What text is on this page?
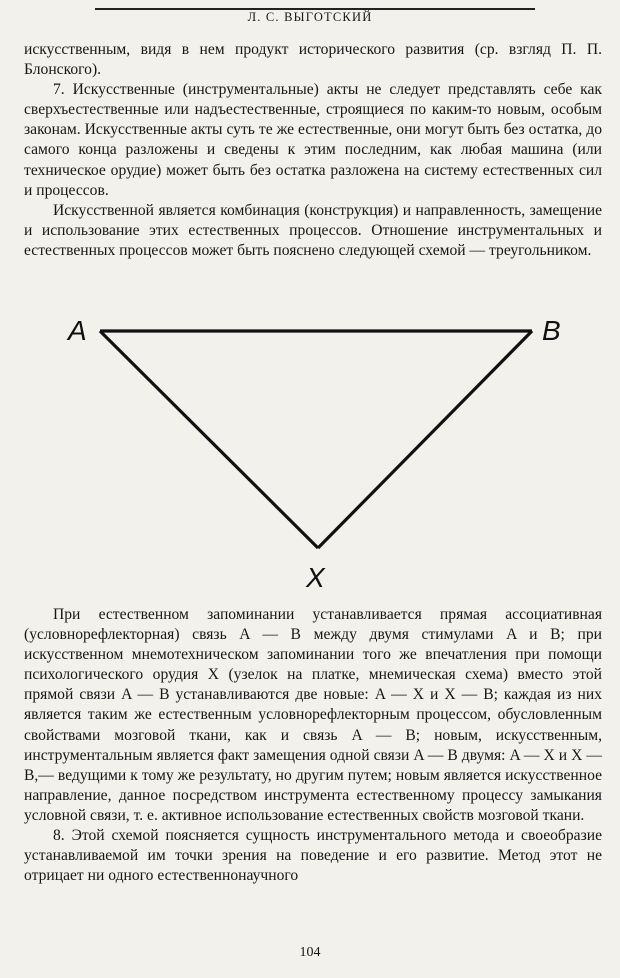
Л. С. ВЫГОТСКИЙ

искусственным, видя в нем продукт исторического развития (ср. взгляд П. П. Блонского).

7. Искусственные (инструментальные) акты не следует представлять себе как сверхъестественные или надъестественные, строящиеся по каким-то новым, особым законам. Искусственные акты суть те же естественные, они могут быть без остатка, до самого конца разложены и сведены к этим последним, как любая машина (или техническое орудие) может быть без остатка разложена на систему естественных сил и процессов.

Искусственной является комбинация (конструкция) и направленность, замещение и использование этих естественных процессов. Отношение инструментальных и естественных процессов может быть пояснено следующей схемой — треугольником.

A	B
X

При естественном запоминании устанавливается прямая ассоциативная (условнорефлекторная) связь A — B между двумя стимулами A и B; при искусственном мнемотехническом запоминании того же впечатления при помощи психологического орудия X (узелок на платке, мнемическая схема) вместо этой прямой связи A — B устанавливаются две новые: A — X и X — B; каждая из них является таким же естественным условнорефлекторным процессом, обусловленным свойствами мозговой ткани, как и связь A — B; новым, искусственным, инструментальным является факт замещения одной связи A — B двумя: A — X и X — B,— ведущими к тому же результату, но другим путем; новым является искусственное направление, данное посредством инструмента естественному процессу замыкания условной связи, т. е. активное использование естественных свойств мозговой ткани.

8. Этой схемой поясняется сущность инструментального метода и своеобразие устанавливаемой им точки зрения на поведение и его развитие. Метод этот не отрицает ни одного естественнонаучного

104
